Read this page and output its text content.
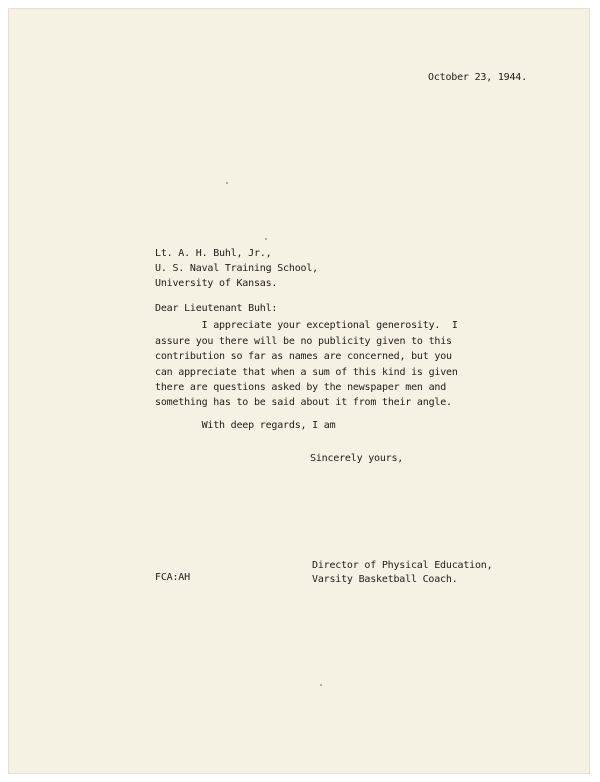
October 23, 1944.
Lt. A. H. Buhl, Jr.,
U. S. Naval Training School,
University of Kansas.
Dear Lieutenant Buhl:
I appreciate your exceptional generosity.  I
assure you there will be no publicity given to this
contribution so far as names are concerned, but you
can appreciate that when a sum of this kind is given
there are questions asked by the newspaper men and
something has to be said about it from their angle.
With deep regards, I am
Sincerely yours,
Director of Physical Education,
Varsity Basketball Coach.
FCA:AH
